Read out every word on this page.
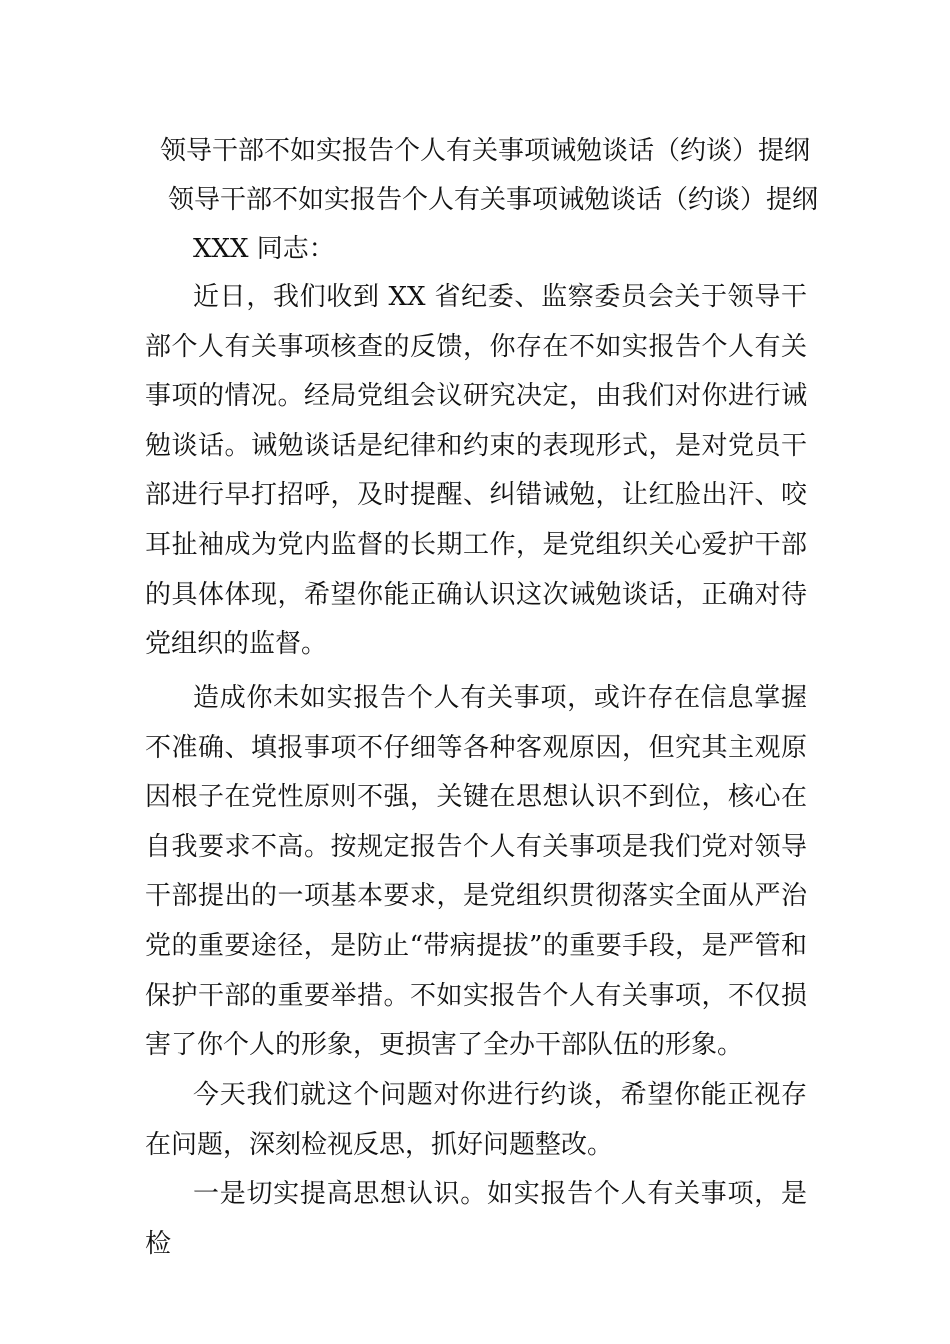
领导干部不如实报告个人有关事项诫勉谈话（约谈）提纲
领导干部不如实报告个人有关事项诫勉谈话（约谈）提纲
XXX 同志：

近日，我们收到 XX 省纪委、监察委员会关于领导干部个人有关事项核查的反馈，你存在不如实报告个人有关事项的情况。经局党组会议研究决定，由我们对你进行诫勉谈话。诫勉谈话是纪律和约束的表现形式，是对党员干部进行早打招呼，及时提醒、纠错诫勉，让红脸出汗、咬耳扯袖成为党内监督的长期工作，是党组织关心爱护干部的具体体现，希望你能正确认识这次诫勉谈话，正确对待党组织的监督。

造成你未如实报告个人有关事项，或许存在信息掌握不准确、填报事项不仔细等各种客观原因，但究其主观原因根子在党性原则不强，关键在思想认识不到位，核心在自我要求不高。按规定报告个人有关事项是我们党对领导干部提出的一项基本要求，是党组织贯彻落实全面从严治党的重要途径，是防止“带病提拔”的重要手段，是严管和保护干部的重要举措。不如实报告个人有关事项，不仅损害了你个人的形象，更损害了全办干部队伍的形象。

今天我们就这个问题对你进行约谈，希望你能正视存在问题，深刻检视反思，抓好问题整改。

一是切实提高思想认识。如实报告个人有关事项，是检
